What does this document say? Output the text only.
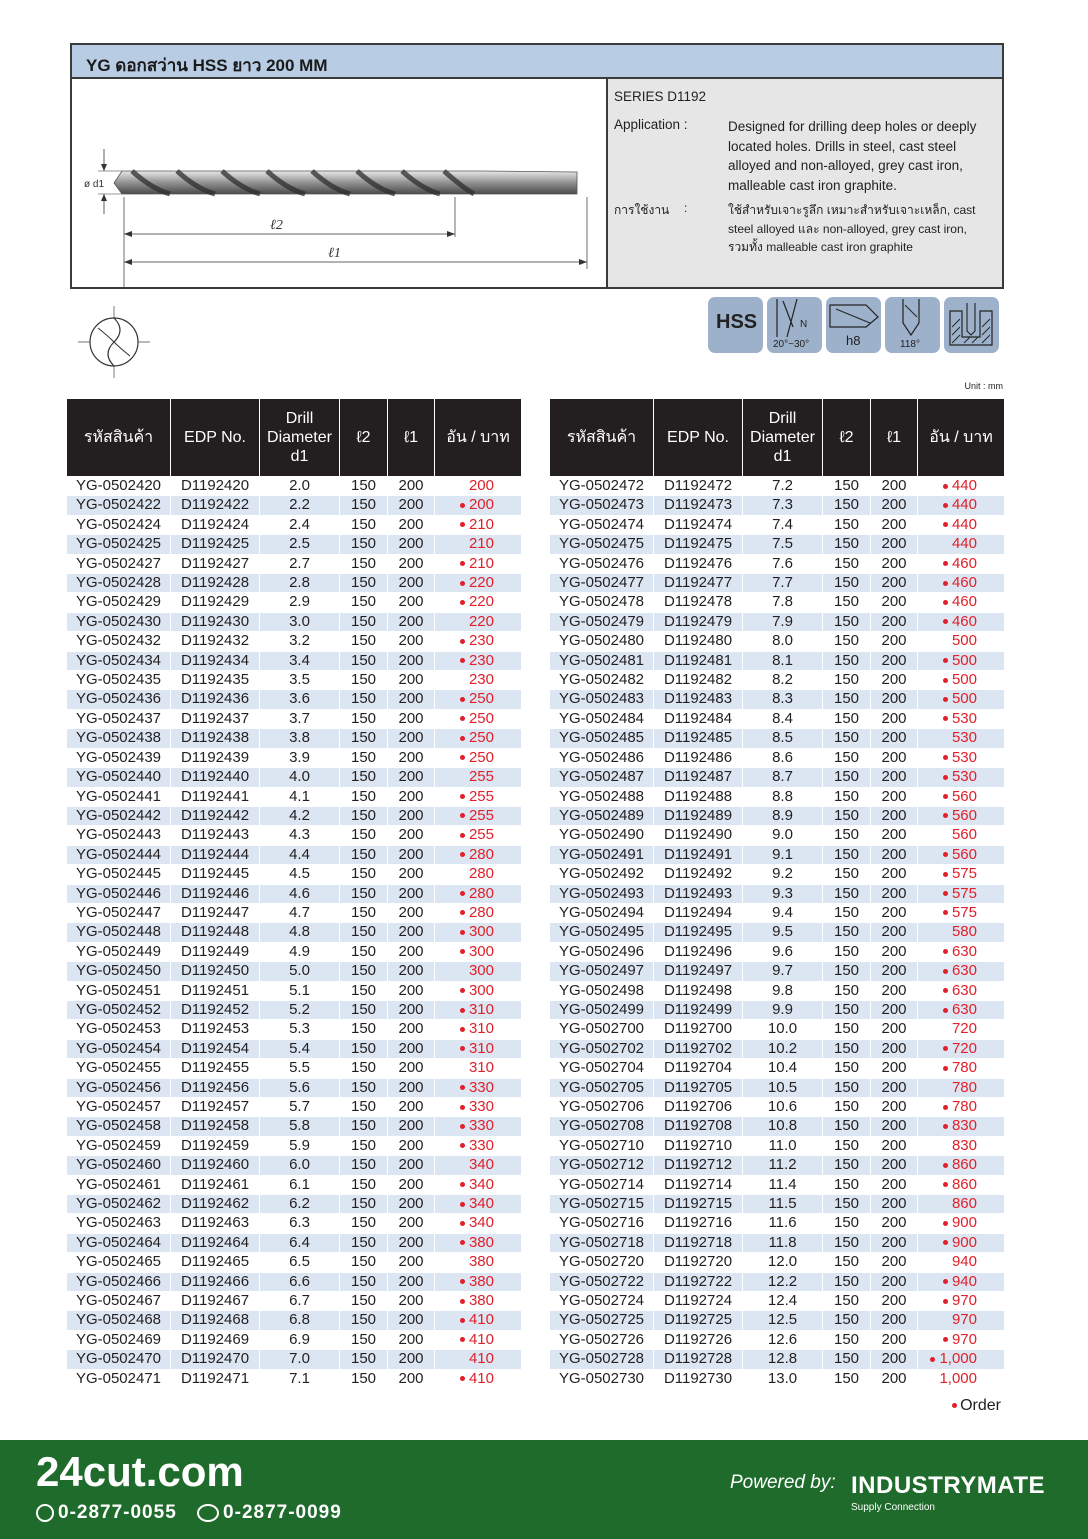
YG ดอกสว่าน HSS ยาว 200 MM
ø d1
ℓ2
ℓ1
SERIES D1192
Application :	Designed for drilling deep holes or deeply located holes. Drills in steel, cast steel alloyed and non-alloyed, grey cast iron, malleable cast iron graphite.
การใช้งาน :	ใช้สำหรับเจาะรูลึก เหมาะสำหรับเจาะเหล็ก, cast steel alloyed และ non-alloyed, grey cast iron, รวมทั้ง malleable cast iron graphite
HSS	N
20°~30°	h8	118°
Unit : mm
รหัสสินค้า	EDP No.	Drill Diameter d1	ℓ2	ℓ1	อัน / บาท
YG-0502420	D1192420	2.0	150	200	200
YG-0502422	D1192422	2.2	150	200	200
YG-0502424	D1192424	2.4	150	200	210
YG-0502425	D1192425	2.5	150	200	210
YG-0502427	D1192427	2.7	150	200	210
YG-0502428	D1192428	2.8	150	200	220
YG-0502429	D1192429	2.9	150	200	220
YG-0502430	D1192430	3.0	150	200	220
YG-0502432	D1192432	3.2	150	200	230
YG-0502434	D1192434	3.4	150	200	230
YG-0502435	D1192435	3.5	150	200	230
YG-0502436	D1192436	3.6	150	200	250
YG-0502437	D1192437	3.7	150	200	250
YG-0502438	D1192438	3.8	150	200	250
YG-0502439	D1192439	3.9	150	200	250
YG-0502440	D1192440	4.0	150	200	255
YG-0502441	D1192441	4.1	150	200	255
YG-0502442	D1192442	4.2	150	200	255
YG-0502443	D1192443	4.3	150	200	255
YG-0502444	D1192444	4.4	150	200	280
YG-0502445	D1192445	4.5	150	200	280
YG-0502446	D1192446	4.6	150	200	280
YG-0502447	D1192447	4.7	150	200	280
YG-0502448	D1192448	4.8	150	200	300
YG-0502449	D1192449	4.9	150	200	300
YG-0502450	D1192450	5.0	150	200	300
YG-0502451	D1192451	5.1	150	200	300
YG-0502452	D1192452	5.2	150	200	310
YG-0502453	D1192453	5.3	150	200	310
YG-0502454	D1192454	5.4	150	200	310
YG-0502455	D1192455	5.5	150	200	310
YG-0502456	D1192456	5.6	150	200	330
YG-0502457	D1192457	5.7	150	200	330
YG-0502458	D1192458	5.8	150	200	330
YG-0502459	D1192459	5.9	150	200	330
YG-0502460	D1192460	6.0	150	200	340
YG-0502461	D1192461	6.1	150	200	340
YG-0502462	D1192462	6.2	150	200	340
YG-0502463	D1192463	6.3	150	200	340
YG-0502464	D1192464	6.4	150	200	380
YG-0502465	D1192465	6.5	150	200	380
YG-0502466	D1192466	6.6	150	200	380
YG-0502467	D1192467	6.7	150	200	380
YG-0502468	D1192468	6.8	150	200	410
YG-0502469	D1192469	6.9	150	200	410
YG-0502470	D1192470	7.0	150	200	410
YG-0502471	D1192471	7.1	150	200	410
รหัสสินค้า	EDP No.	Drill Diameter d1	ℓ2	ℓ1	อัน / บาท
YG-0502472	D1192472	7.2	150	200	440
YG-0502473	D1192473	7.3	150	200	440
YG-0502474	D1192474	7.4	150	200	440
YG-0502475	D1192475	7.5	150	200	440
YG-0502476	D1192476	7.6	150	200	460
YG-0502477	D1192477	7.7	150	200	460
YG-0502478	D1192478	7.8	150	200	460
YG-0502479	D1192479	7.9	150	200	460
YG-0502480	D1192480	8.0	150	200	500
YG-0502481	D1192481	8.1	150	200	500
YG-0502482	D1192482	8.2	150	200	500
YG-0502483	D1192483	8.3	150	200	500
YG-0502484	D1192484	8.4	150	200	530
YG-0502485	D1192485	8.5	150	200	530
YG-0502486	D1192486	8.6	150	200	530
YG-0502487	D1192487	8.7	150	200	530
YG-0502488	D1192488	8.8	150	200	560
YG-0502489	D1192489	8.9	150	200	560
YG-0502490	D1192490	9.0	150	200	560
YG-0502491	D1192491	9.1	150	200	560
YG-0502492	D1192492	9.2	150	200	575
YG-0502493	D1192493	9.3	150	200	575
YG-0502494	D1192494	9.4	150	200	575
YG-0502495	D1192495	9.5	150	200	580
YG-0502496	D1192496	9.6	150	200	630
YG-0502497	D1192497	9.7	150	200	630
YG-0502498	D1192498	9.8	150	200	630
YG-0502499	D1192499	9.9	150	200	630
YG-0502700	D1192700	10.0	150	200	720
YG-0502702	D1192702	10.2	150	200	720
YG-0502704	D1192704	10.4	150	200	780
YG-0502705	D1192705	10.5	150	200	780
YG-0502706	D1192706	10.6	150	200	780
YG-0502708	D1192708	10.8	150	200	830
YG-0502710	D1192710	11.0	150	200	830
YG-0502712	D1192712	11.2	150	200	860
YG-0502714	D1192714	11.4	150	200	860
YG-0502715	D1192715	11.5	150	200	860
YG-0502716	D1192716	11.6	150	200	900
YG-0502718	D1192718	11.8	150	200	900
YG-0502720	D1192720	12.0	150	200	940
YG-0502722	D1192722	12.2	150	200	940
YG-0502724	D1192724	12.4	150	200	970
YG-0502725	D1192725	12.5	150	200	970
YG-0502726	D1192726	12.6	150	200	970
YG-0502728	D1192728	12.8	150	200	1,000
YG-0502730	D1192730	13.0	150	200	1,000
Order
24cut.com
0-2877-0055 0-2877-0099
Powered by: INDUSTRYMATE
Supply Connection
